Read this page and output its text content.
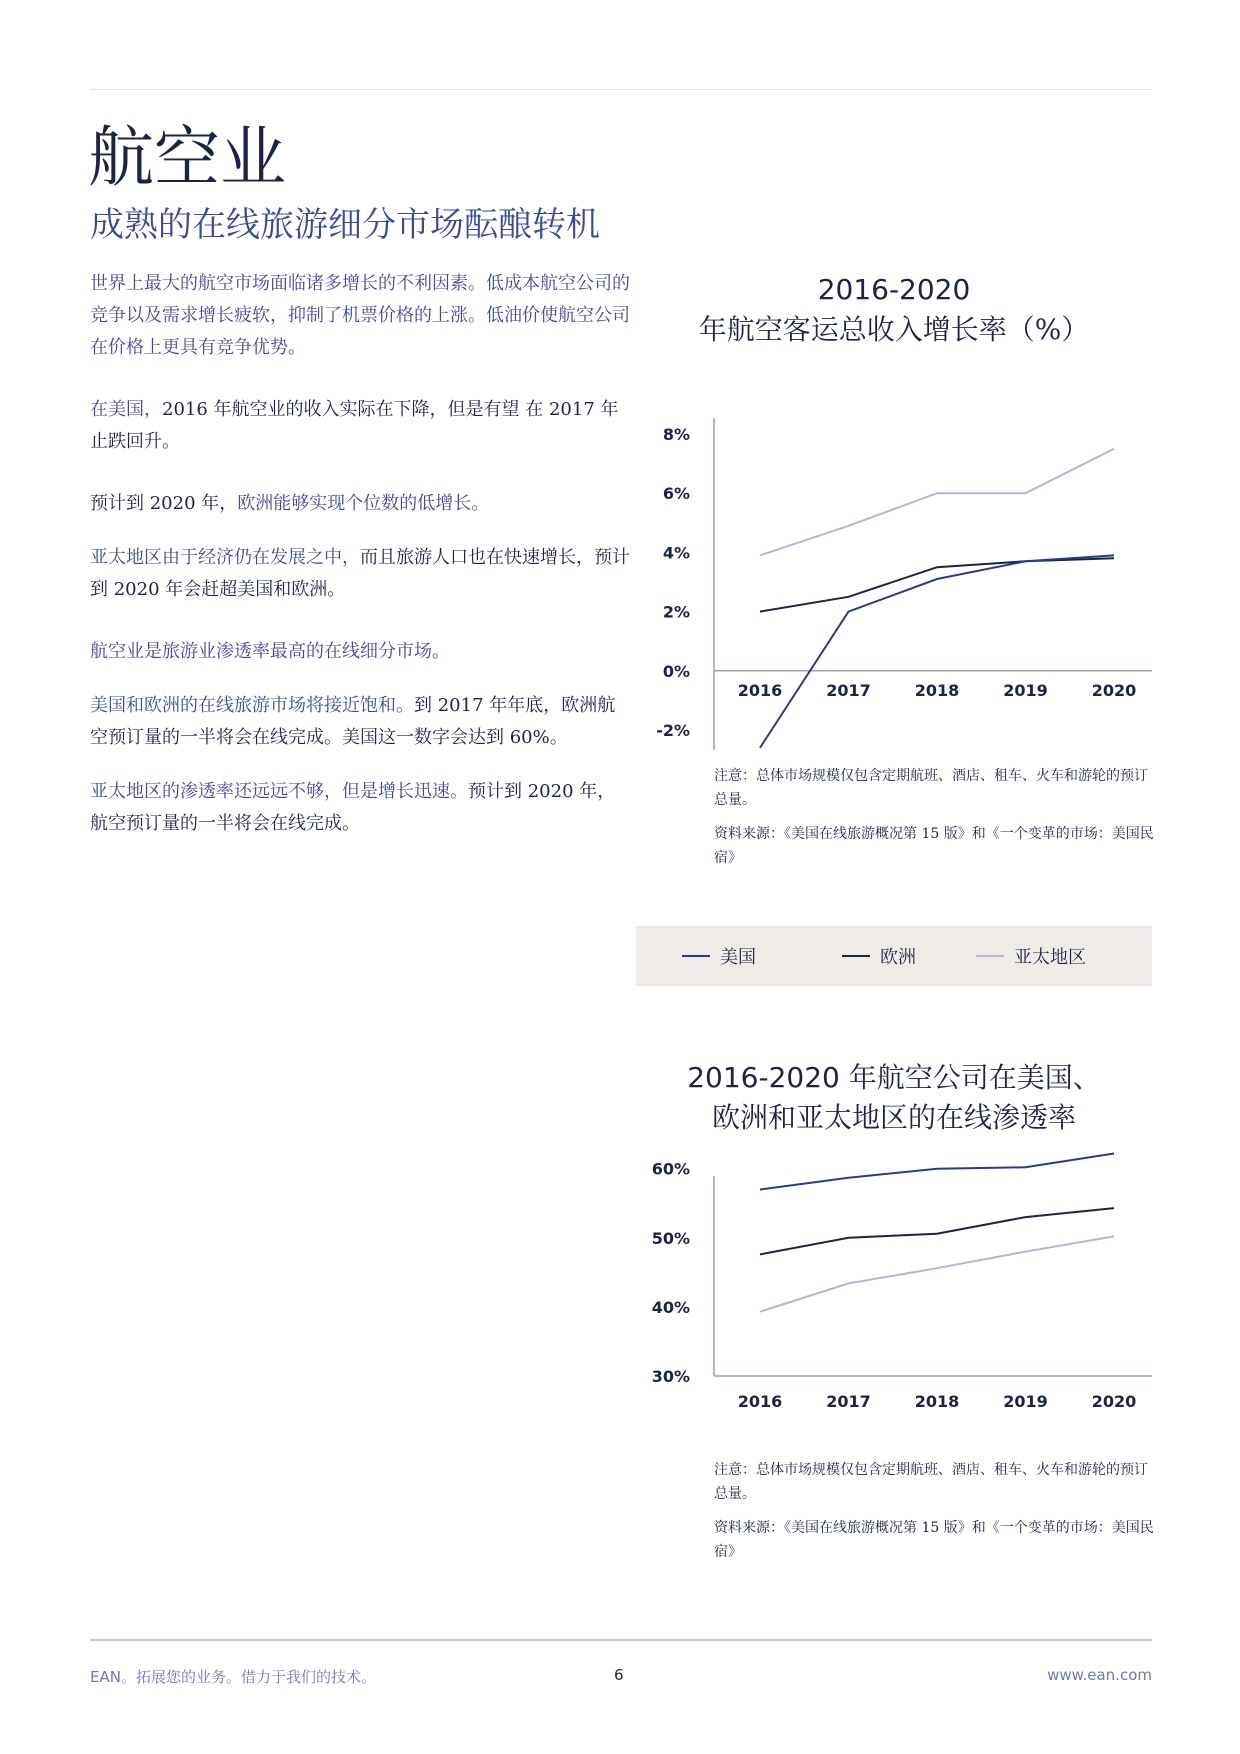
航空业
成熟的在线旅游细分市场酝酿转机

世界上最大的航空市场面临诸多增长的不利因素。低成本航空公司的竞争以及需求增长疲软，抑制了机票价格的上涨。低油价使航空公司在价格上更具有竞争优势。

在美国，2016 年航空业的收入实际在下降，但是有望 在 2017 年止跌回升。

预计到 2020 年，欧洲能够实现个位数的低增长。

亚太地区由于经济仍在发展之中，而且旅游人口也在快速增长，预计到 2020 年会赶超美国和欧洲。

航空业是旅游业渗透率最高的在线细分市场。

美国和欧洲的在线旅游市场将接近饱和。到 2017 年年底，欧洲航空预订量的一半将会在线完成。美国这一数字会达到 60%。

亚太地区的渗透率还远远不够，但是增长迅速。预计到 2020 年，航空预订量的一半将会在线完成。

2016-2020
年航空客运总收入增长率（%）
8%
6%
4%
2%
0%
-2%
2016	2017	2018	2019	2020

注意：总体市场规模仅包含定期航班、酒店、租车、火车和游轮的预订总量。

资料来源：《美国在线旅游概况第 15 版》和《一个变革的市场：美国民宿》

美国	欧洲	亚太地区
2016-2020 年航空公司在美国、
欧洲和亚太地区的在线渗透率
60%
50%
40%
30%
2016	2017	2018	2019	2020

注意：总体市场规模仅包含定期航班、酒店、租车、火车和游轮的预订总量。

资料来源：《美国在线旅游概况第 15 版》和《一个变革的市场：美国民宿》

EAN。拓展您的业务。借力于我们的技术。	6	www.ean.com
